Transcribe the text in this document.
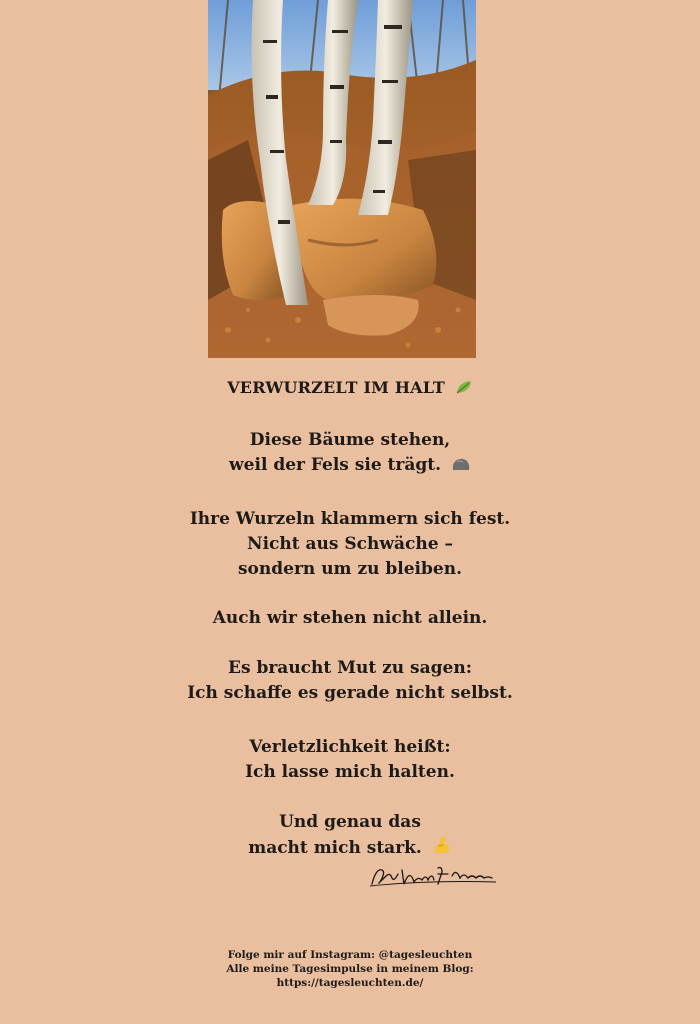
VERWURZELT IM HALT
Diese Bäume stehen,
weil der Fels sie trägt.
Ihre Wurzeln klammern sich fest.
Nicht aus Schwäche –
sondern um zu bleiben.
Auch wir stehen nicht allein.
Es braucht Mut zu sagen:
Ich schaffe es gerade nicht selbst.
Verletzlichkeit heißt:
Ich lasse mich halten.
Und genau das
macht mich stark.
Folge mir auf Instagram: @tagesleuchten
Alle meine Tagesimpulse in meinem Blog:
https://tagesleuchten.de/
